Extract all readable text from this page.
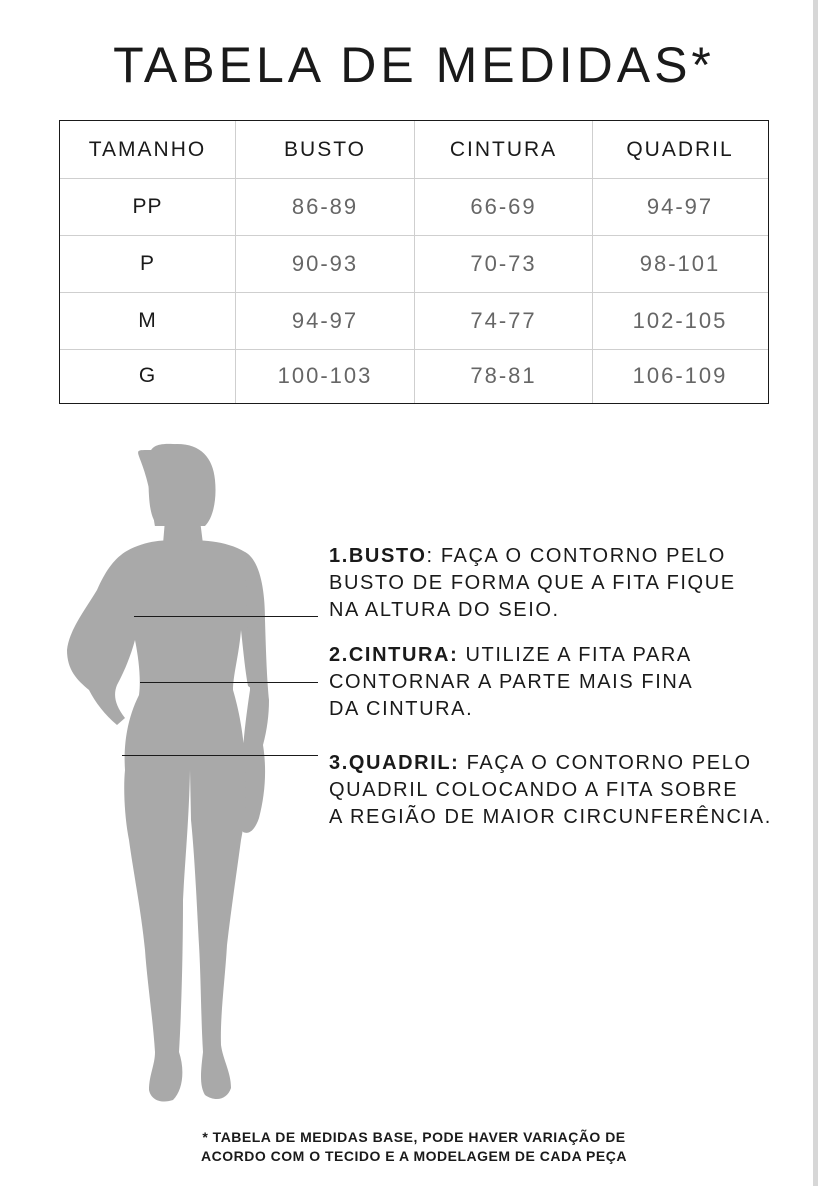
TABELA DE MEDIDAS*
TAMANHO	BUSTO	CINTURA	QUADRIL
PP	86-89	66-69	94-97
P	90-93	70-73	98-101
M	94-97	74-77	102-105
G	100-103	78-81	106-109
1.BUSTO: FAÇA O CONTORNO PELO
BUSTO DE FORMA QUE A FITA FIQUE
NA ALTURA DO SEIO.
2.CINTURA: UTILIZE A FITA PARA
CONTORNAR A PARTE MAIS FINA
DA CINTURA.
3.QUADRIL: FAÇA O CONTORNO PELO
QUADRIL COLOCANDO A FITA SOBRE
A REGIÃO DE MAIOR CIRCUNFERÊNCIA.
* TABELA DE MEDIDAS BASE, PODE HAVER VARIAÇÃO DE
ACORDO COM O TECIDO E A MODELAGEM DE CADA PEÇA
